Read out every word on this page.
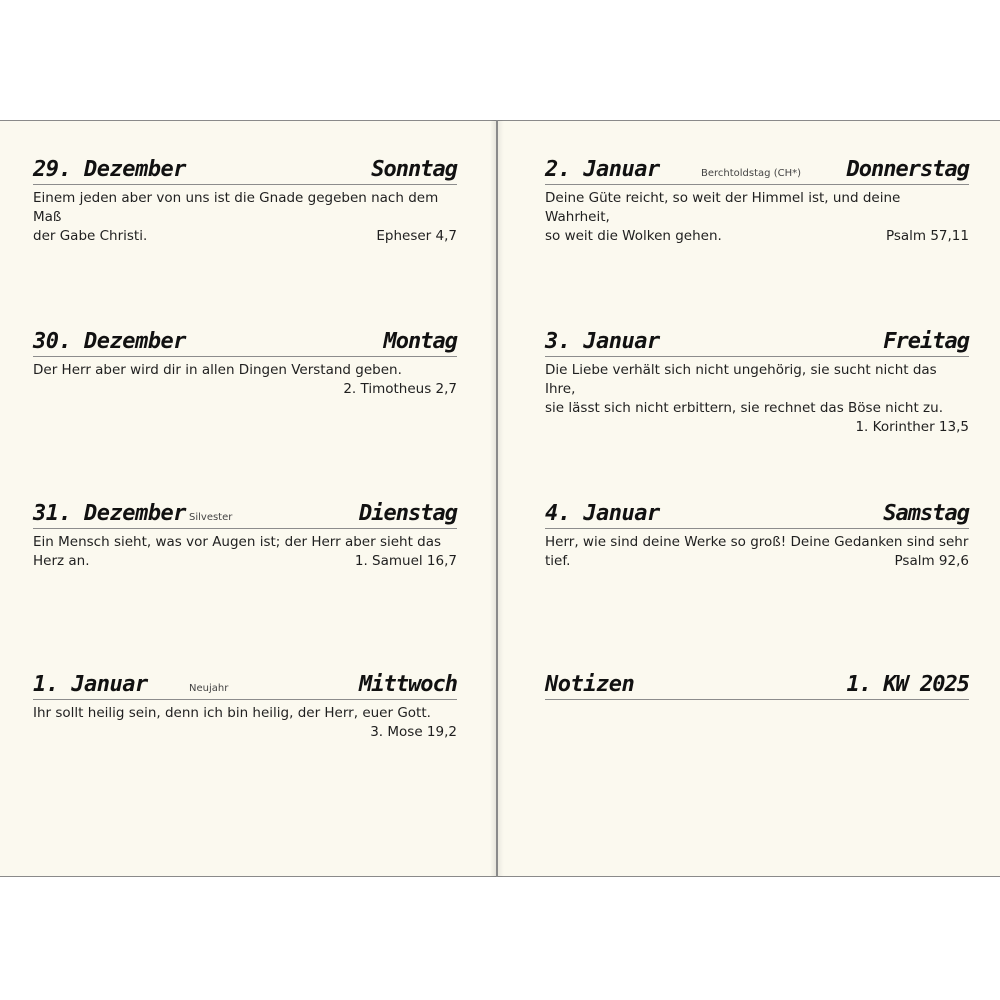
29. Dezember	Sonntag
Einem jeden aber von uns ist die Gnade gegeben nach dem Maß
der Gabe Christi.	Epheser 4,7
30. Dezember	Montag
Der Herr aber wird dir in allen Dingen Verstand geben.
2. Timotheus 2,7
31. Dezember Silvester	Dienstag
Ein Mensch sieht, was vor Augen ist; der Herr aber sieht das
Herz an.	1. Samuel 16,7
1. Januar	Neujahr	Mittwoch
Ihr sollt heilig sein, denn ich bin heilig, der Herr, euer Gott.
3. Mose 19,2
2. Januar	Berchtoldstag (CH*) Donnerstag
Deine Güte reicht, so weit der Himmel ist, und deine Wahrheit,
so weit die Wolken gehen.	Psalm 57,11
3. Januar	Freitag
Die Liebe verhält sich nicht ungehörig, sie sucht nicht das Ihre,
sie lässt sich nicht erbittern, sie rechnet das Böse nicht zu.
1. Korinther 13,5
4. Januar	Samstag
Herr, wie sind deine Werke so groß! Deine Gedanken sind sehr
tief.	Psalm 92,6
Notizen	1. KW 2025
